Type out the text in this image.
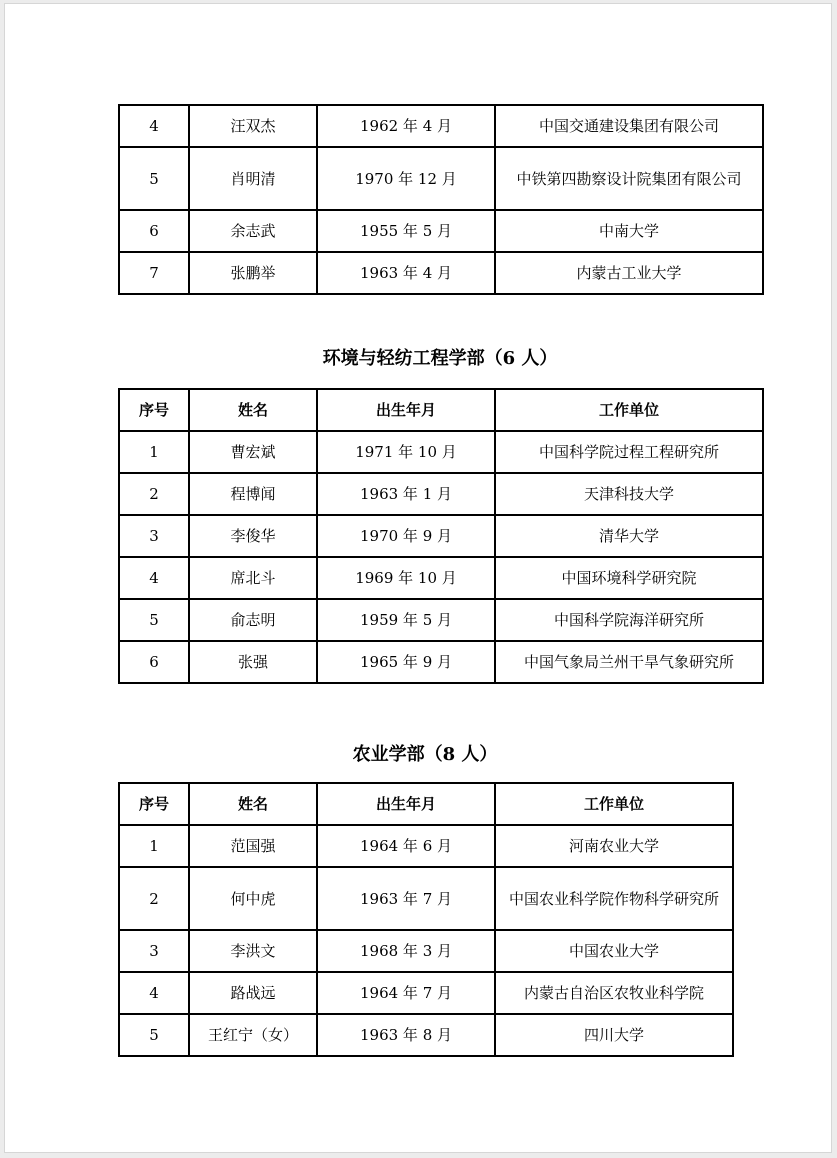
4	汪双杰	1962 年 4 月	中国交通建设集团有限公司
5	肖明清	1970 年 12 月	中铁第四勘察设计院集团有限公司
6	余志武	1955 年 5 月	中南大学
7	张鹏举	1963 年 4 月	内蒙古工业大学
环境与轻纺工程学部（6 人）
序号	姓名	出生年月	工作单位
1	曹宏斌	1971 年 10 月	中国科学院过程工程研究所
2	程博闻	1963 年 1 月	天津科技大学
3	李俊华	1970 年 9 月	清华大学
4	席北斗	1969 年 10 月	中国环境科学研究院
5	俞志明	1959 年 5 月	中国科学院海洋研究所
6	张强	1965 年 9 月	中国气象局兰州干旱气象研究所
农业学部（8 人）
序号	姓名	出生年月	工作单位
1	范国强	1964 年 6 月	河南农业大学
2	何中虎	1963 年 7 月	中国农业科学院作物科学研究所
3	李洪文	1968 年 3 月	中国农业大学
4	路战远	1964 年 7 月	内蒙古自治区农牧业科学院
5	王红宁（女）	1963 年 8 月	四川大学
